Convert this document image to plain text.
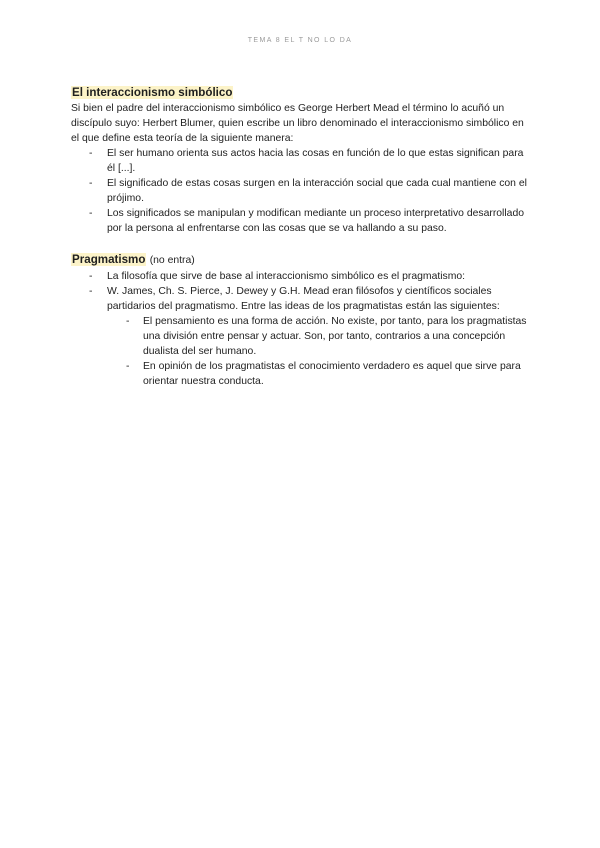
TEMA 8 EL T NO LO DA
El interaccionismo simbólico

Si bien el padre del interaccionismo simbólico es George Herbert Mead el término lo acuñó un discípulo suyo: Herbert Blumer, quien escribe un libro denominado el interaccionismo simbólico en el que define esta teoría de la siguiente manera:

- El ser humano orienta sus actos hacia las cosas en función de lo que estas significan para él [...].
- El significado de estas cosas surgen en la interacción social que cada cual mantiene con el prójimo.
- Los significados se manipulan y modifican mediante un proceso interpretativo desarrollado por la persona al enfrentarse con las cosas que se va hallando a su paso.
Pragmatismo (no entra)
- La filosofía que sirve de base al interaccionismo simbólico es el pragmatismo:
- W. James, Ch. S. Pierce, J. Dewey y G.H. Mead eran filósofos y científicos sociales partidarios del pragmatismo. Entre las ideas de los pragmatistas están las siguientes:
- El pensamiento es una forma de acción. No existe, por tanto, para los pragmatistas una división entre pensar y actuar. Son, por tanto, contrarios a una concepción dualista del ser humano.
- En opinión de los pragmatistas el conocimiento verdadero es aquel que sirve para orientar nuestra conducta.
